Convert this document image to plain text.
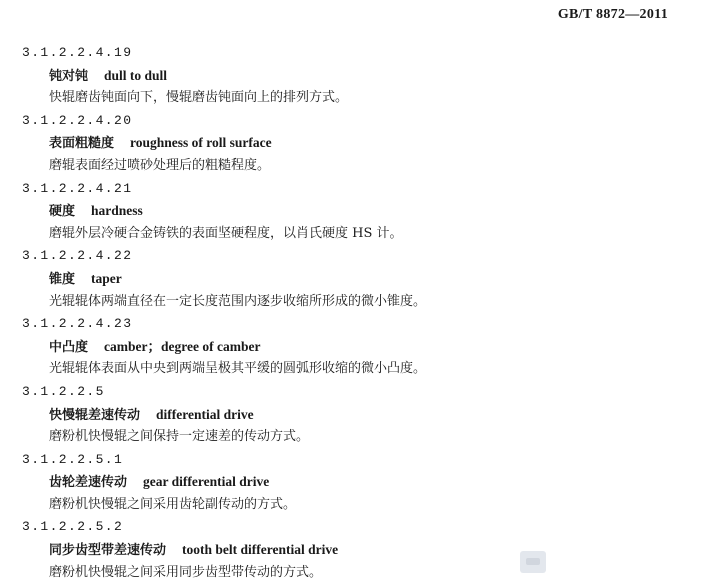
GB/T 8872—2011
3.1.2.2.4.19
钝对钝 dull to dull
快辊磨齿钝面向下，慢辊磨齿钝面向上的排列方式。
3.1.2.2.4.20
表面粗糙度 roughness of roll surface
磨辊表面经过喷砂处理后的粗糙程度。
3.1.2.2.4.21
硬度 hardness
磨辊外层冷硬合金铸铁的表面坚硬程度，以肖氏硬度 HS 计。
3.1.2.2.4.22
锥度 taper
光辊辊体两端直径在一定长度范围内逐步收缩所形成的微小锥度。
3.1.2.2.4.23
中凸度 camber；degree of camber
光辊辊体表面从中央到两端呈极其平缓的圆弧形收缩的微小凸度。
3.1.2.2.5
快慢辊差速传动 differential drive
磨粉机快慢辊之间保持一定速差的传动方式。
3.1.2.2.5.1
齿轮差速传动 gear differential drive
磨粉机快慢辊之间采用齿轮副传动的方式。
3.1.2.2.5.2
同步齿型带差速传动 tooth belt differential drive
磨粉机快慢辊之间采用同步齿型带传动的方式。
